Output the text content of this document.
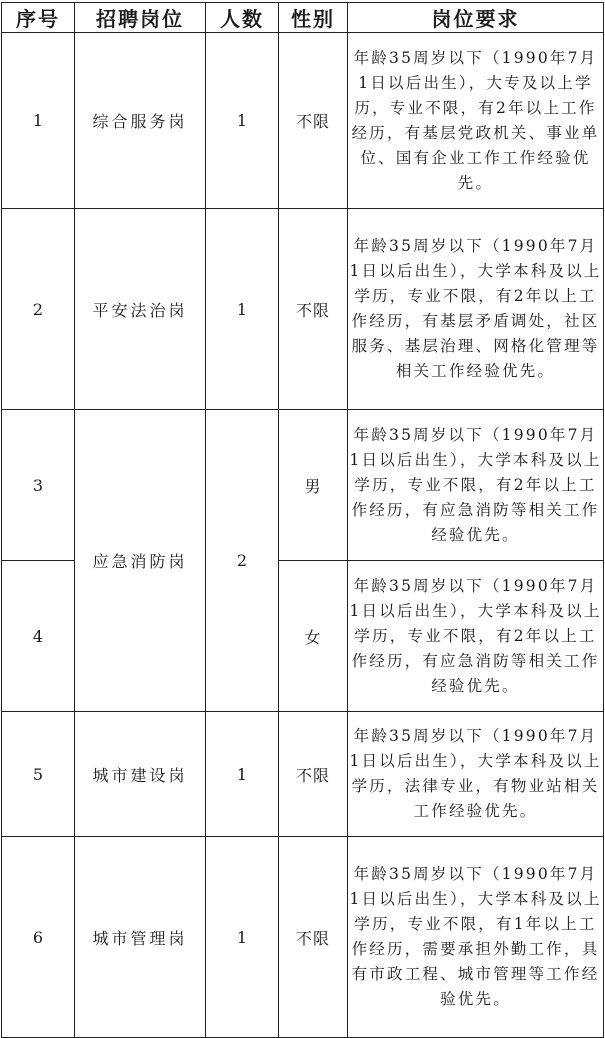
序号	招聘岗位	人数	性别	岗位要求
1	综合服务岗	1	不限	年龄35周岁以下（1990年7月1日以后出生），大专及以上学历，专业不限，有2年以上工作经历，有基层党政机关、事业单位、国有企业工作工作经验优先。
2	平安法治岗	1	不限	年龄35周岁以下（1990年7月1日以后出生），大学本科及以上学历，专业不限，有2年以上工作经历，有基层矛盾调处，社区服务、基层治理、网格化管理等相关工作经验优先。
3	应急消防岗	2	男	年龄35周岁以下（1990年7月1日以后出生），大学本科及以上学历，专业不限，有2年以上工作经历，有应急消防等相关工作经验优先。
4			女	年龄35周岁以下（1990年7月1日以后出生），大学本科及以上学历，专业不限，有2年以上工作经历，有应急消防等相关工作经验优先。
5	城市建设岗	1	不限	年龄35周岁以下（1990年7月1日以后出生），大学本科及以上学历，法律专业，有物业站相关工作经验优先。
6	城市管理岗	1	不限	年龄35周岁以下（1990年7月1日以后出生），大学本科及以上学历，专业不限，有1年以上工作经历，需要承担外勤工作，具有市政工程、城市管理等工作经验优先。
